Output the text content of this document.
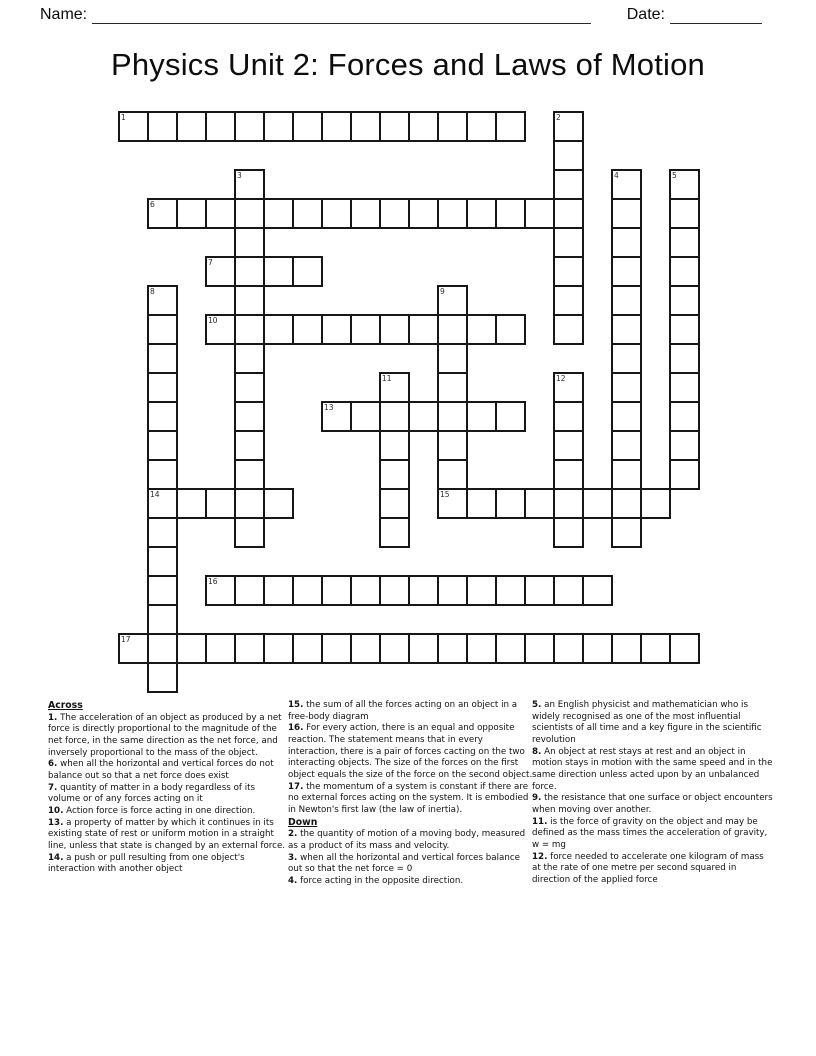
Name:	Date:
Physics Unit 2: Forces and Laws of Motion
1	2
3	4	5
6
7
8
14
9
15
10
11	12
13
16
17
Across

1. The acceleration of an object as produced by a net force is directly proportional to the magnitude of the net force, in the same direction as the net force, and inversely proportional to the mass of the object.

6. when all the horizontal and vertical forces do not balance out so that a net force does exist

7. quantity of matter in a body regardless of its volume or of any forces acting on it

10. Action force is force acting in one direction.

13. a property of matter by which it continues in its existing state of rest or uniform motion in a straight line, unless that state is changed by an external force.

14. a push or pull resulting from one object's interaction with another object

15. the sum of all the forces acting on an object in a free-body diagram

16. For every action, there is an equal and opposite reaction. The statement means that in every interaction, there is a pair of forces cacting on the two interacting objects. The size of the forces on the first object equals the size of the force on the second object.

17. the momentum of a system is constant if there are no external forces acting on the system. It is embodied in Newton's first law (the law of inertia).

Down

2. the quantity of motion of a moving body, measured as a product of its mass and velocity.

3. when all the horizontal and vertical forces balance out so that the net force = 0

4. force acting in the opposite direction.

5. an English physicist and mathematician who is widely recognised as one of the most influential scientists of all time and a key figure in the scientific revolution

8. An object at rest stays at rest and an object in motion stays in motion with the same speed and in the same direction unless acted upon by an unbalanced force.

9. the resistance that one surface or object encounters when moving over another.

11. is the force of gravity on the object and may be defined as the mass times the acceleration of gravity, w = mg

12. force needed to accelerate one kilogram of mass at the rate of one metre per second squared in direction of the applied force
